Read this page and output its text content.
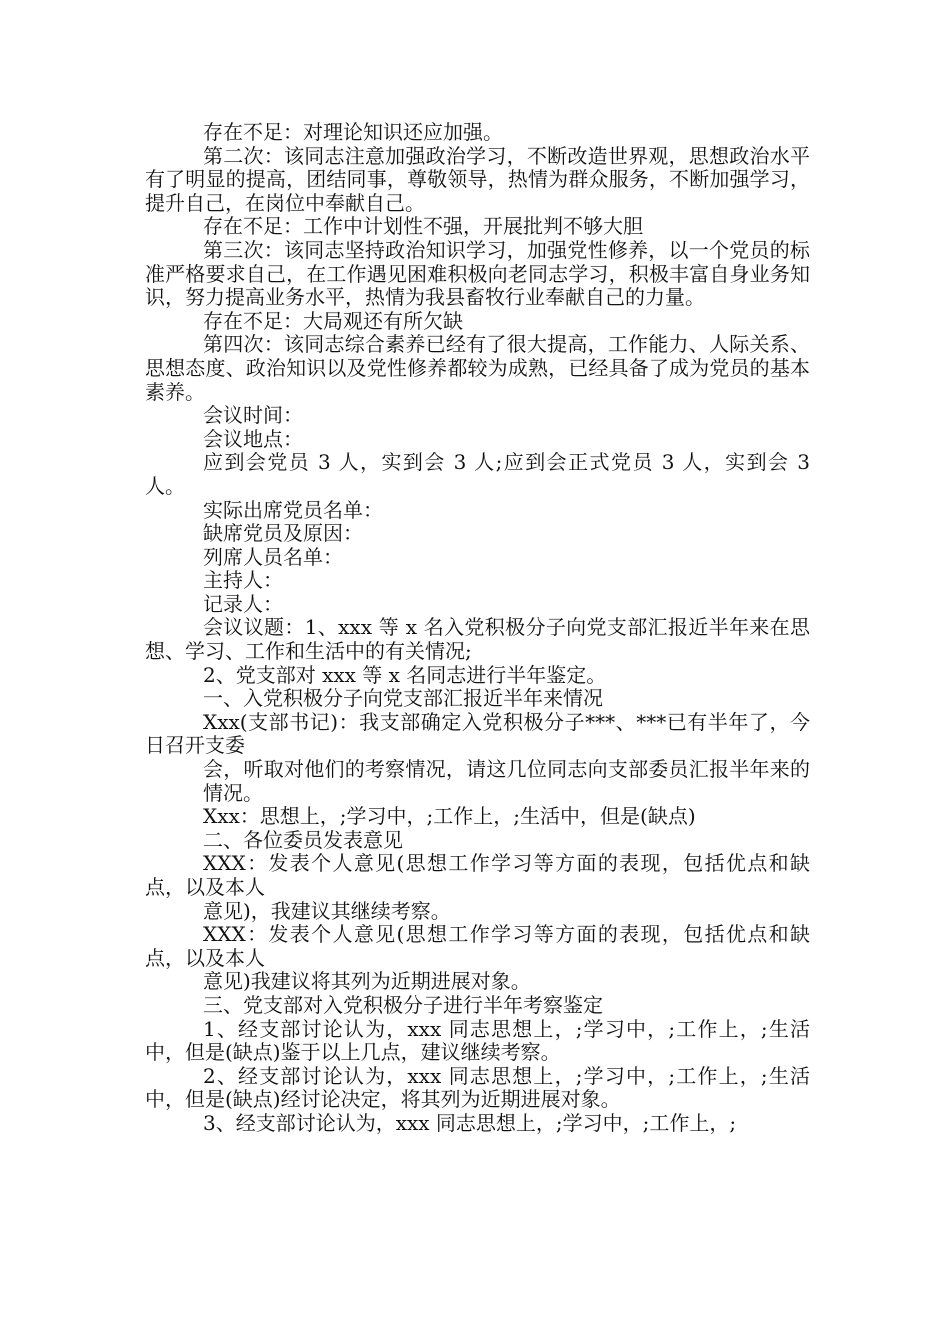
存在不足：对理论知识还应加强。

第二次：该同志注意加强政治学习，不断改造世界观，思想政治水平有了明显的提高，团结同事，尊敬领导，热情为群众服务，不断加强学习，提升自己，在岗位中奉献自己。

存在不足：工作中计划性不强，开展批判不够大胆

第三次：该同志坚持政治知识学习，加强党性修养，以一个党员的标准严格要求自己，在工作遇见困难积极向老同志学习，积极丰富自身业务知识，努力提高业务水平，热情为我县畜牧行业奉献自己的力量。

存在不足：大局观还有所欠缺

第四次：该同志综合素养已经有了很大提高，工作能力、人际关系、思想态度、政治知识以及党性修养都较为成熟，已经具备了成为党员的基本素养。

会议时间：

会议地点：

应到会党员 3 人，实到会 3 人;应到会正式党员 3 人，实到会 3 人。

实际出席党员名单：

缺席党员及原因：

列席人员名单：

主持人：

记录人：

会议议题：1、xxx 等 x 名入党积极分子向党支部汇报近半年来在思想、学习、工作和生活中的有关情况;

2、党支部对 xxx 等 x 名同志进行半年鉴定。

一、入党积极分子向党支部汇报近半年来情况

Xxx(支部书记)：我支部确定入党积极分子***、***已有半年了，今日召开支委

会，听取对他们的考察情况，请这几位同志向支部委员汇报半年来的情况。

Xxx：思想上，;学习中，;工作上，;生活中，但是(缺点)

二、各位委员发表意见

XXX：发表个人意见(思想工作学习等方面的表现，包括优点和缺点，以及本人

意见)，我建议其继续考察。

XXX：发表个人意见(思想工作学习等方面的表现，包括优点和缺点，以及本人

意见)我建议将其列为近期进展对象。

三、党支部对入党积极分子进行半年考察鉴定

1、经支部讨论认为，xxx 同志思想上，;学习中，;工作上，;生活中，但是(缺点)鉴于以上几点，建议继续考察。

2、经支部讨论认为，xxx 同志思想上，;学习中，;工作上，;生活中，但是(缺点)经讨论决定，将其列为近期进展对象。

3、经支部讨论认为，xxx 同志思想上，;学习中，;工作上，;
